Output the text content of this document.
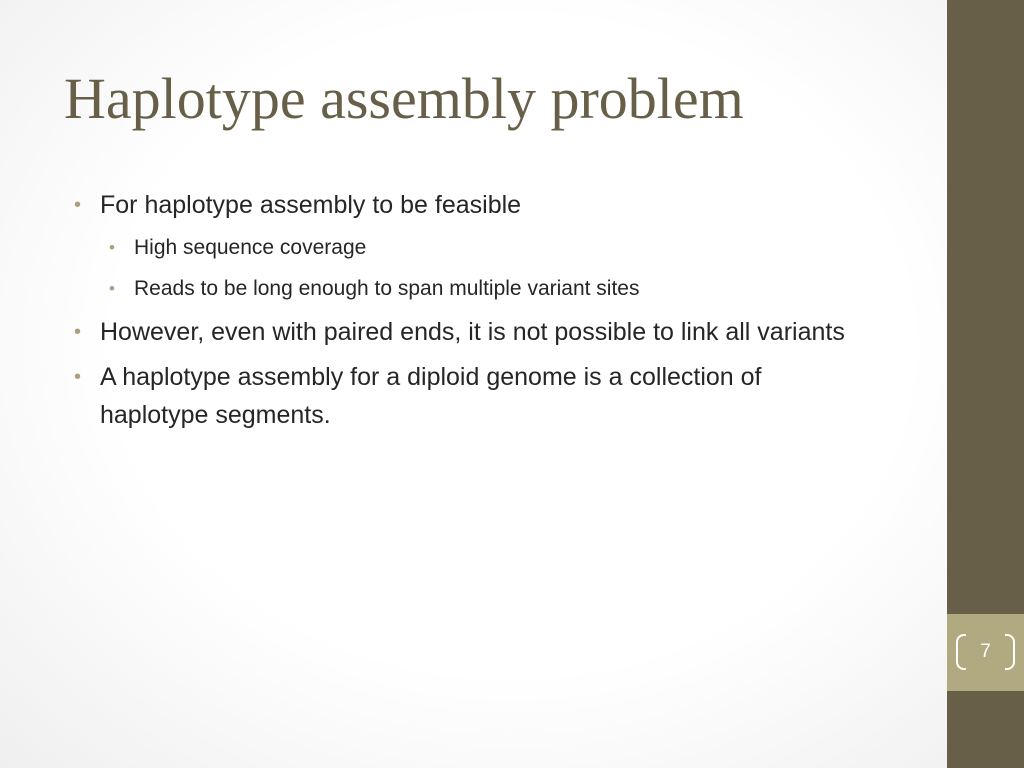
Haplotype assembly problem
• For haplotype assembly to be feasible
• High sequence coverage
• Reads to be long enough to span multiple variant sites
• However, even with paired ends, it is not possible to link all variants
• A haplotype assembly for a diploid genome is a collection of haplotype segments.
7
